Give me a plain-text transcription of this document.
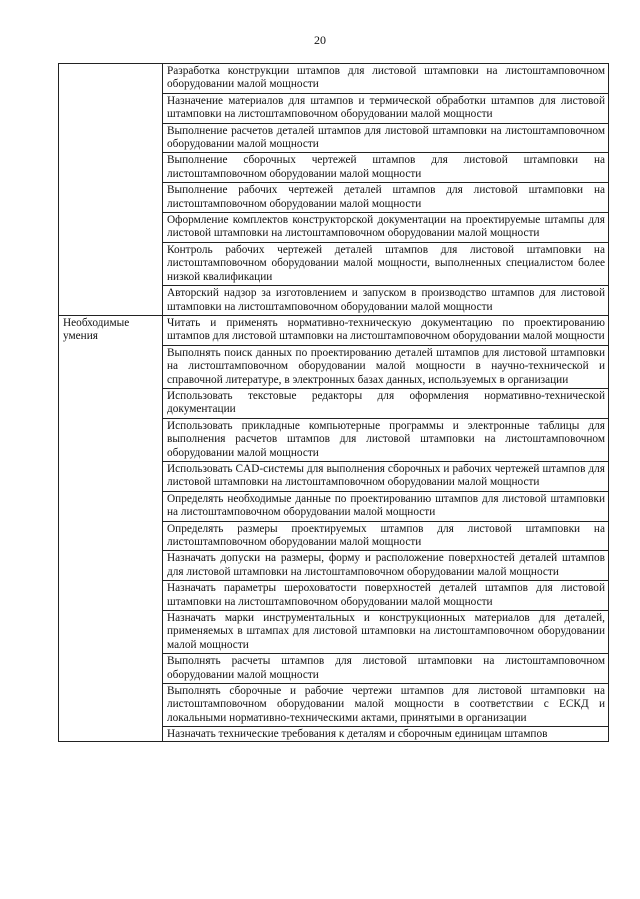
20
	Разработка конструкции штампов для листовой штамповки на листоштамповочном оборудовании малой мощности
	Назначение материалов для штампов и термической обработки штампов для листовой штамповки на листоштамповочном оборудовании малой мощности
	Выполнение расчетов деталей штампов для листовой штамповки на листоштамповочном оборудовании малой мощности
	Выполнение сборочных чертежей штампов для листовой штамповки на листоштамповочном оборудовании малой мощности
	Выполнение рабочих чертежей деталей штампов для листовой штамповки на листоштамповочном оборудовании малой мощности
	Оформление комплектов конструкторской документации на проектируемые штампы для листовой штамповки на листоштамповочном оборудовании малой мощности
	Контроль рабочих чертежей деталей штампов для листовой штамповки на листоштамповочном оборудовании малой мощности, выполненных специалистом более низкой квалификации
	Авторский надзор за изготовлением и запуском в производство штампов для листовой штамповки на листоштамповочном оборудовании малой мощности
Необходимые умения	Читать и применять нормативно-техническую документацию по проектированию штампов для листовой штамповки на листоштамповочном оборудовании малой мощности
	Выполнять поиск данных по проектированию деталей штампов для листовой штамповки на листоштамповочном оборудовании малой мощности в научно-технической и справочной литературе, в электронных базах данных, используемых в организации
	Использовать текстовые редакторы для оформления нормативно-технической документации
	Использовать прикладные компьютерные программы и электронные таблицы для выполнения расчетов штампов для листовой штамповки на листоштамповочном оборудовании малой мощности
	Использовать CAD-системы для выполнения сборочных и рабочих чертежей штампов для листовой штамповки на листоштамповочном оборудовании малой мощности
	Определять необходимые данные по проектированию штампов для листовой штамповки на листоштамповочном оборудовании малой мощности
	Определять размеры проектируемых штампов для листовой штамповки на листоштамповочном оборудовании малой мощности
	Назначать допуски на размеры, форму и расположение поверхностей деталей штампов для листовой штамповки на листоштамповочном оборудовании малой мощности
	Назначать параметры шероховатости поверхностей деталей штампов для листовой штамповки на листоштамповочном оборудовании малой мощности
	Назначать марки инструментальных и конструкционных материалов для деталей, применяемых в штампах для листовой штамповки на листоштамповочном оборудовании малой мощности
	Выполнять расчеты штампов для листовой штамповки на листоштамповочном оборудовании малой мощности
	Выполнять сборочные и рабочие чертежи штампов для листовой штамповки на листоштамповочном оборудовании малой мощности в соответствии с ЕСКД и локальными нормативно-техническими актами, принятыми в организации

	Назначать технические требования к деталям и сборочным единицам штампов
